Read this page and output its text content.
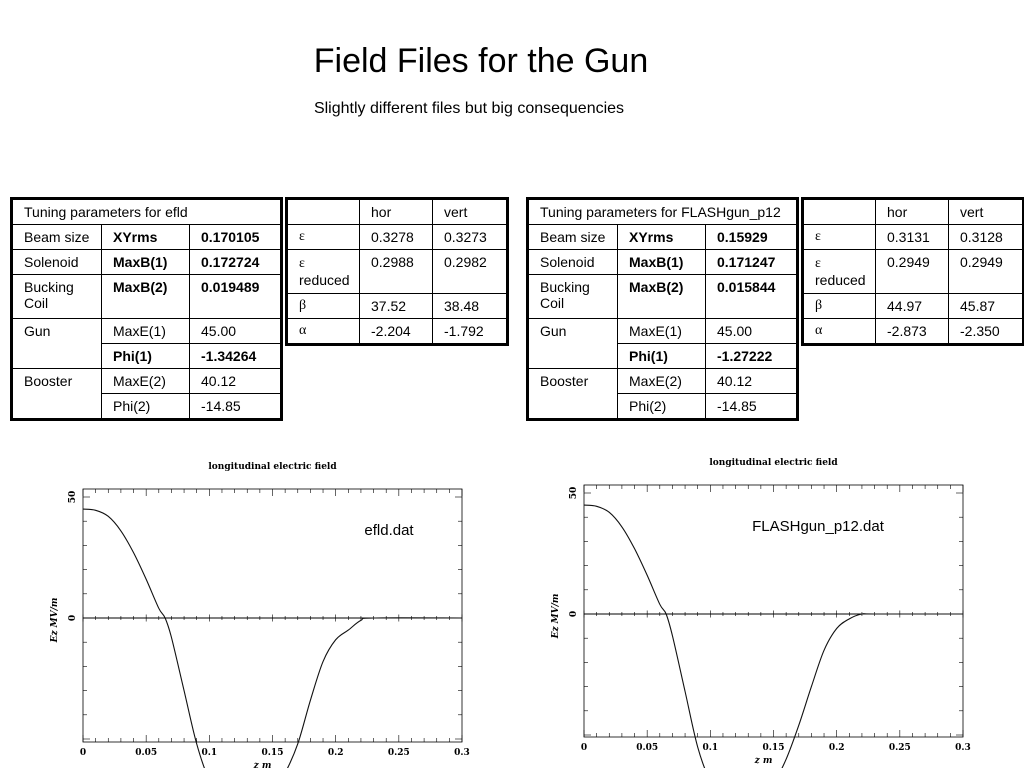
Field Files for the Gun

Slightly different files but big consequencies

Tuning parameters for efld		
Beam size	XYrms	0.170105
Solenoid	MaxB(1)	0.172724
Bucking Coil	MaxB(2)	0.019489
Gun	MaxE(1)	45.00
	Phi(1)	-1.34264
Booster	MaxE(2)	40.12
	Phi(2)	-14.85
	hor	vert
ε	0.3278	0.3273
ε
reduced	0.2988	0.2982
β	37.52	38.48
α	-2.204	-1.792
Tuning parameters for FLASHgun_p12		
Beam size	XYrms	0.15929
Solenoid	MaxB(1)	0.171247
Bucking Coil	MaxB(2)	0.015844
Gun	MaxE(1)	45.00
	Phi(1)	-1.27222
Booster	MaxE(2)	40.12
	Phi(2)	-14.85
	hor	vert
ε	0.3131	0.3128
ε
reduced	0.2949	0.2949
β	44.97	45.87
α	-2.873	-2.350
longitudinal electric field
0	0.05	0.1	0.15	0.2	0.25	0.3
50
0
Ez MV/m
z m
efld.dat
longitudinal electric field
0	0.05	0.1	0.15	0.2	0.25	0.3
50
0
Ez MV/m
z m
FLASHgun_p12.dat
